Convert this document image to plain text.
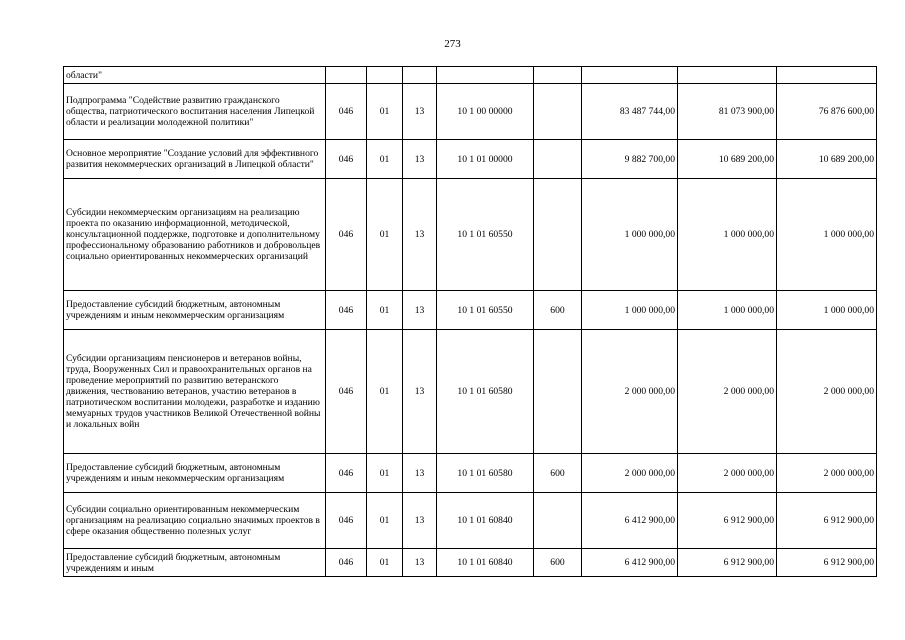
273
области"								
Подпрограмма "Содействие развитию гражданского общества, патриотического воспитания населения Липецкой области и реализации молодежной политики"	046	01	13	10 1 00 00000		83 487 744,00	81 073 900,00	76 876 600,00
Основное мероприятие "Создание условий для эффективного развития некоммерческих организаций в Липецкой области"	046	01	13	10 1 01 00000		9 882 700,00	10 689 200,00	10 689 200,00
Субсидии некоммерческим организациям на реализацию проекта по оказанию информационной, методической, консультационной поддержке, подготовке и дополнительному профессиональному образованию работников и добровольцев социально ориентированных некоммерческих организаций	046	01	13	10 1 01 60550		1 000 000,00	1 000 000,00	1 000 000,00
Предоставление субсидий бюджетным, автономным учреждениям и иным некоммерческим организациям	046	01	13	10 1 01 60550	600	1 000 000,00	1 000 000,00	1 000 000,00
Субсидии организациям пенсионеров и ветеранов войны, труда, Вооруженных Сил и правоохранительных органов на проведение мероприятий по развитию ветеранского движения, чествованию ветеранов, участию ветеранов в патриотическом воспитании молодежи, разработке и изданию мемуарных трудов участников Великой Отечественной войны и локальных войн	046	01	13	10 1 01 60580		2 000 000,00	2 000 000,00	2 000 000,00
Предоставление субсидий бюджетным, автономным учреждениям и иным некоммерческим организациям	046	01	13	10 1 01 60580	600	2 000 000,00	2 000 000,00	2 000 000,00
Субсидии социально ориентированным некоммерческим организациям на реализацию социально значимых проектов в сфере оказания общественно полезных услуг	046	01	13	10 1 01 60840		6 412 900,00	6 912 900,00	6 912 900,00
Предоставление субсидий бюджетным, автономным учреждениям и иным	046	01	13	10 1 01 60840	600	6 412 900,00	6 912 900,00	6 912 900,00
